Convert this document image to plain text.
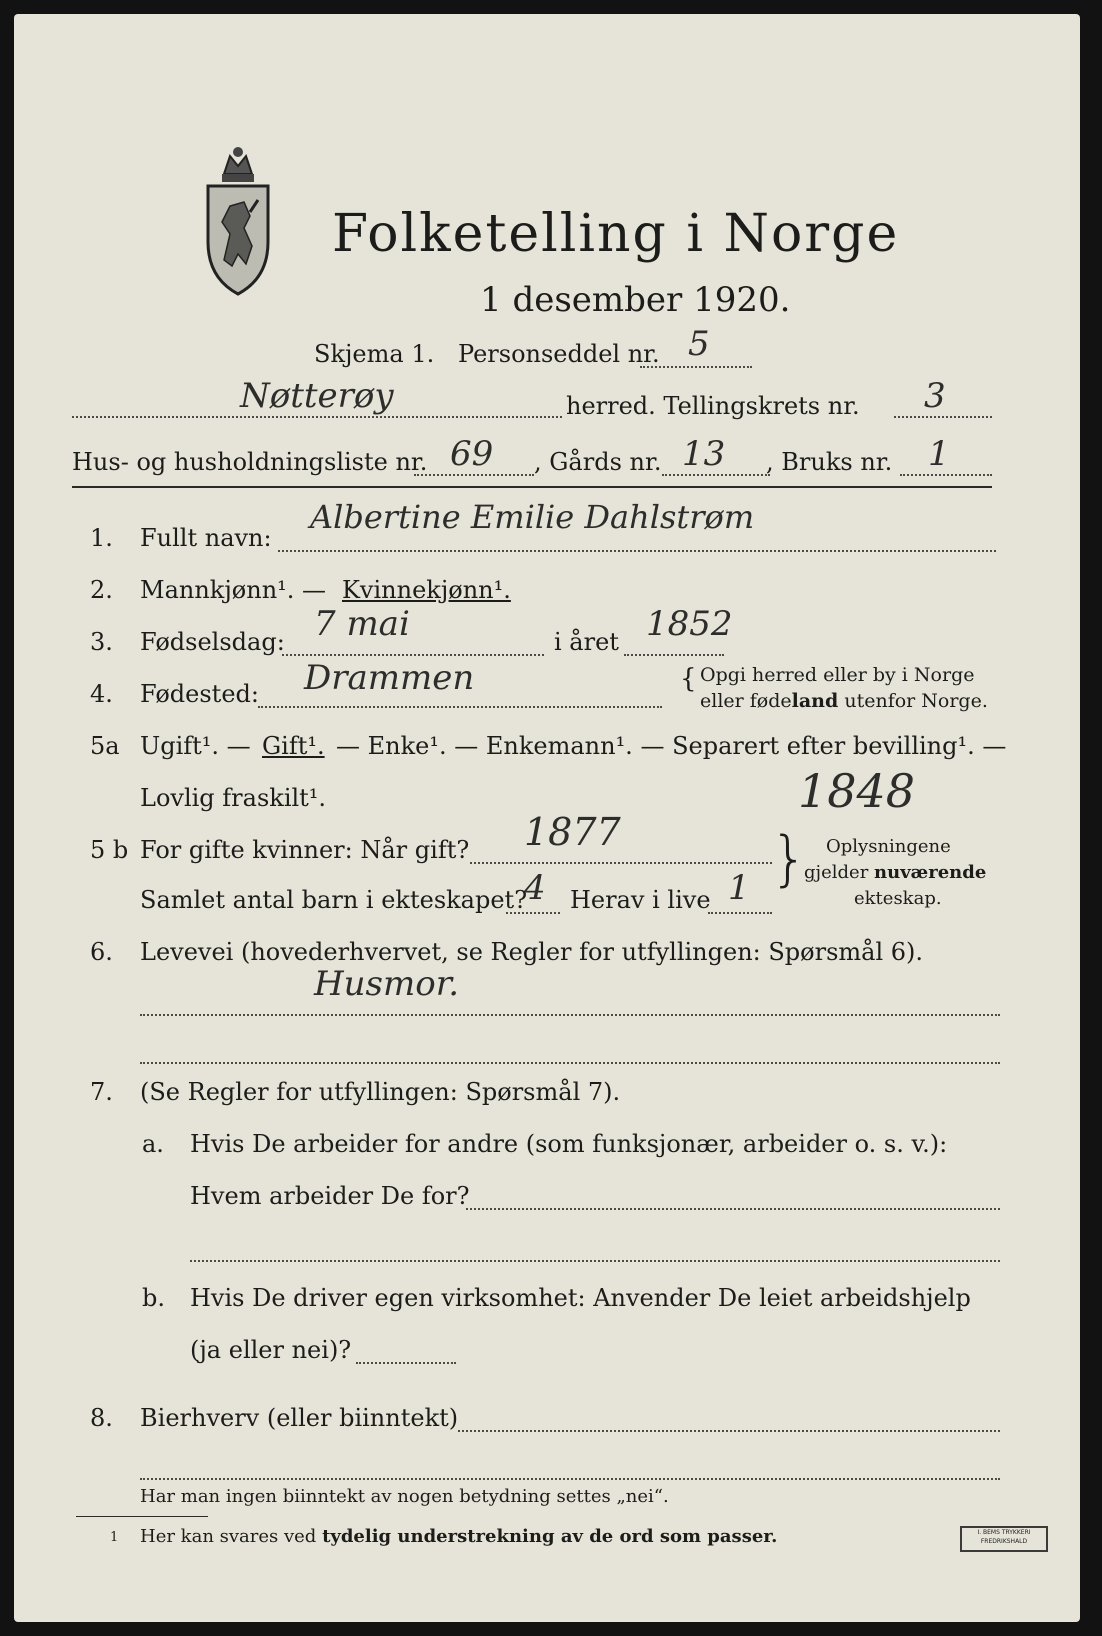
Folketelling i Norge
1 desember 1920.
Skjema 1. Personseddel nr. 5
Nøtterøy	herred. Tellingskrets nr. 3
Hus- og husholdningsliste nr. 69 , Gårds nr. 13 , Bruks nr. 1
1. Fullt navn:
Albertine Emilie Dahlstrøm
2. Mannkjønn¹. — Kvinnekjønn¹.
3. Fødselsdag: 7 mai	i året 1852
4. Fødested: Drammen	{ Opgi herred eller by i Norge
eller fødeland utenfor Norge.
5a Ugift¹. — Gift¹. — Enke¹. — Enkemann¹. — Separert efter bevilling¹. —
Lovlig fraskilt¹.	1848
5 b For gifte kvinner: Når gift? 1877
Samlet antal barn i ekteskapet?
4 Herav i live 1 } Oplysningene
gjelder nuværende
ekteskap.
6. Levevei (hovederhvervet, se Regler for utfyllingen: Spørsmål 6).
Husmor.
7. (Se Regler for utfyllingen: Spørsmål 7).
a. Hvis De arbeider for andre (som funksjonær, arbeider o. s. v.):
Hvem arbeider De for?
b. Hvis De driver egen virksomhet: Anvender De leiet arbeidshjelp
(ja eller nei)?
8. Bierhverv (eller biinntekt)
Har man ingen biinntekt av nogen betydning settes „nei“.
1 Her kan svares ved tydelig understrekning av de ord som passer.	I. BEMS TRYKKERI
FREDRIKSHALD
